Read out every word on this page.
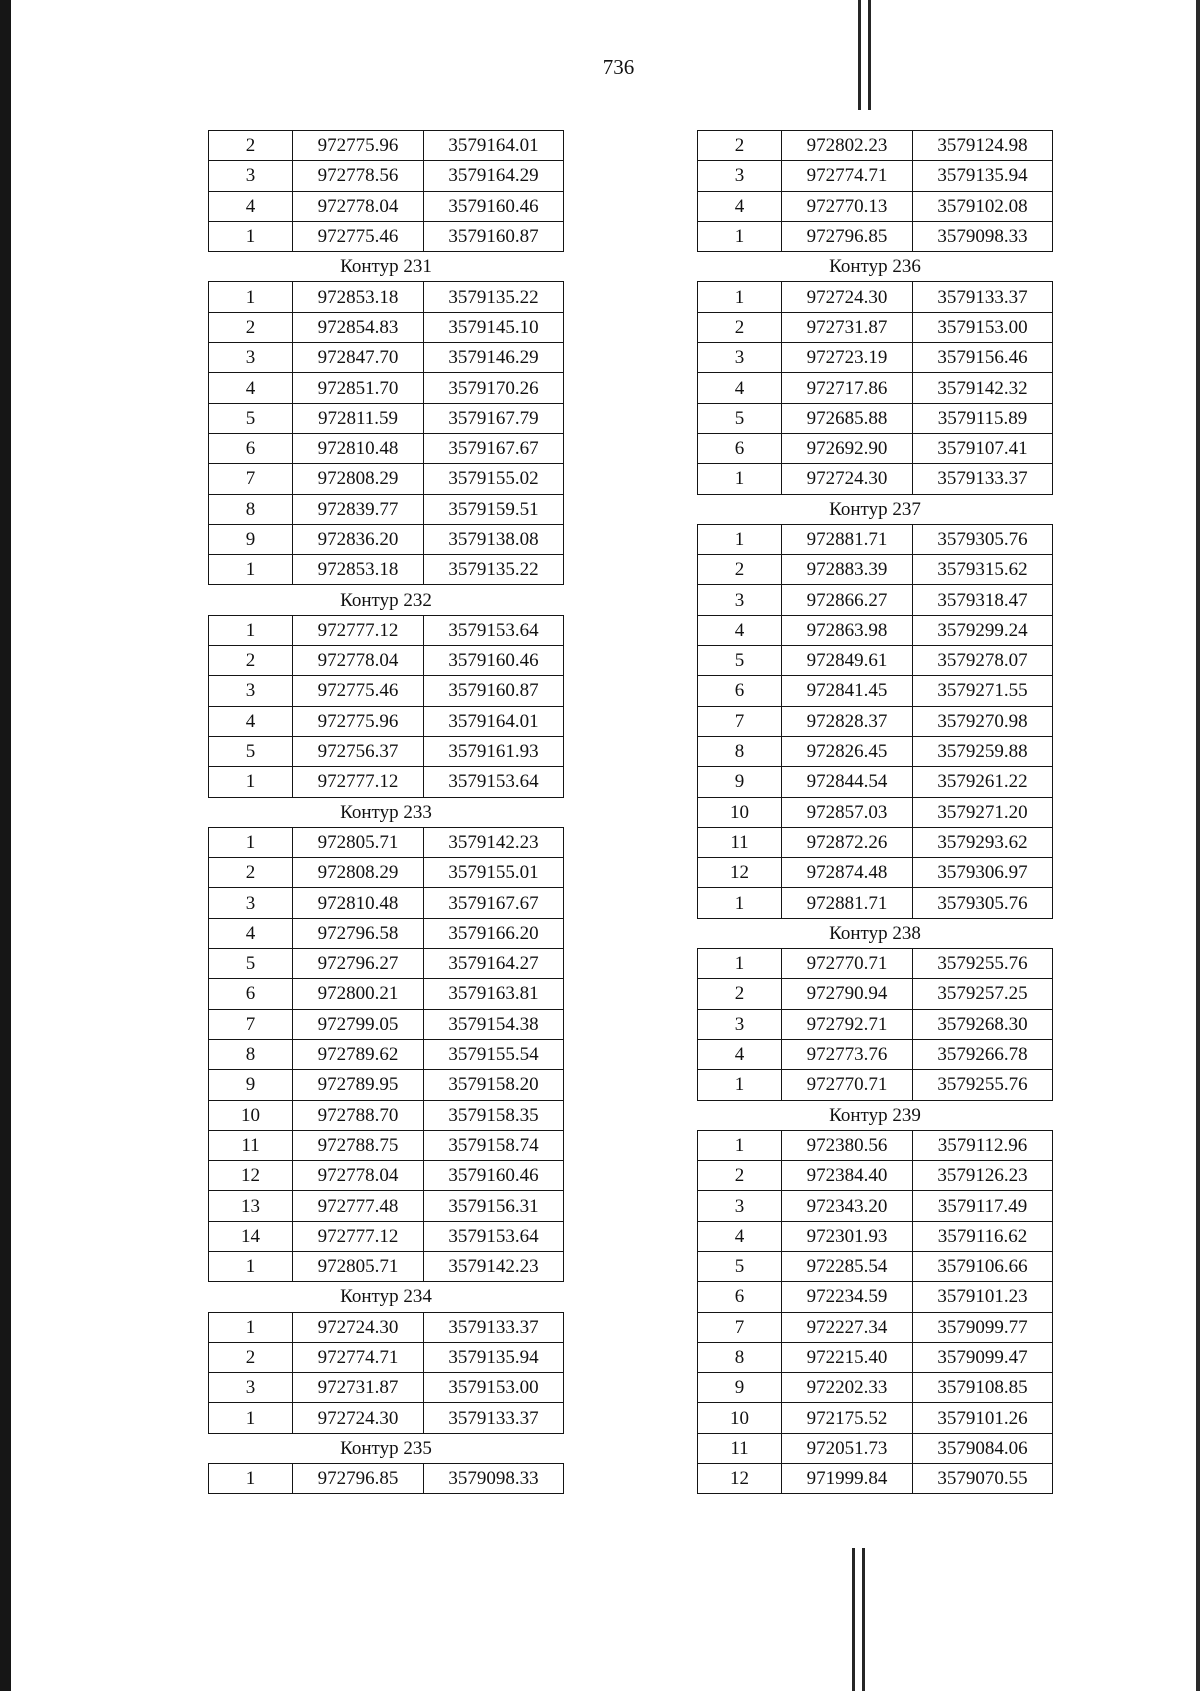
736
2	972775.96	3579164.01
3	972778.56	3579164.29
4	972778.04	3579160.46
1	972775.46	3579160.87
Контур 231		
1	972853.18	3579135.22
2	972854.83	3579145.10
3	972847.70	3579146.29
4	972851.70	3579170.26
5	972811.59	3579167.79
6	972810.48	3579167.67
7	972808.29	3579155.02
8	972839.77	3579159.51
9	972836.20	3579138.08
1	972853.18	3579135.22
Контур 232		
1	972777.12	3579153.64
2	972778.04	3579160.46
3	972775.46	3579160.87
4	972775.96	3579164.01
5	972756.37	3579161.93
1	972777.12	3579153.64
Контур 233		
1	972805.71	3579142.23
2	972808.29	3579155.01
3	972810.48	3579167.67
4	972796.58	3579166.20
5	972796.27	3579164.27
6	972800.21	3579163.81
7	972799.05	3579154.38
8	972789.62	3579155.54
9	972789.95	3579158.20
10	972788.70	3579158.35
11	972788.75	3579158.74
12	972778.04	3579160.46
13	972777.48	3579156.31
14	972777.12	3579153.64
1	972805.71	3579142.23
Контур 234		
1	972724.30	3579133.37
2	972774.71	3579135.94
3	972731.87	3579153.00
1	972724.30	3579133.37
Контур 235		
1	972796.85	3579098.33
2	972802.23	3579124.98
3	972774.71	3579135.94
4	972770.13	3579102.08
1	972796.85	3579098.33
Контур 236		
1	972724.30	3579133.37
2	972731.87	3579153.00
3	972723.19	3579156.46
4	972717.86	3579142.32
5	972685.88	3579115.89
6	972692.90	3579107.41
1	972724.30	3579133.37
Контур 237		
1	972881.71	3579305.76
2	972883.39	3579315.62
3	972866.27	3579318.47
4	972863.98	3579299.24
5	972849.61	3579278.07
6	972841.45	3579271.55
7	972828.37	3579270.98
8	972826.45	3579259.88
9	972844.54	3579261.22
10	972857.03	3579271.20
11	972872.26	3579293.62
12	972874.48	3579306.97
1	972881.71	3579305.76
Контур 238		
1	972770.71	3579255.76
2	972790.94	3579257.25
3	972792.71	3579268.30
4	972773.76	3579266.78
1	972770.71	3579255.76
Контур 239		
1	972380.56	3579112.96
2	972384.40	3579126.23
3	972343.20	3579117.49
4	972301.93	3579116.62
5	972285.54	3579106.66
6	972234.59	3579101.23
7	972227.34	3579099.77
8	972215.40	3579099.47
9	972202.33	3579108.85
10	972175.52	3579101.26
11	972051.73	3579084.06
12	971999.84	3579070.55
